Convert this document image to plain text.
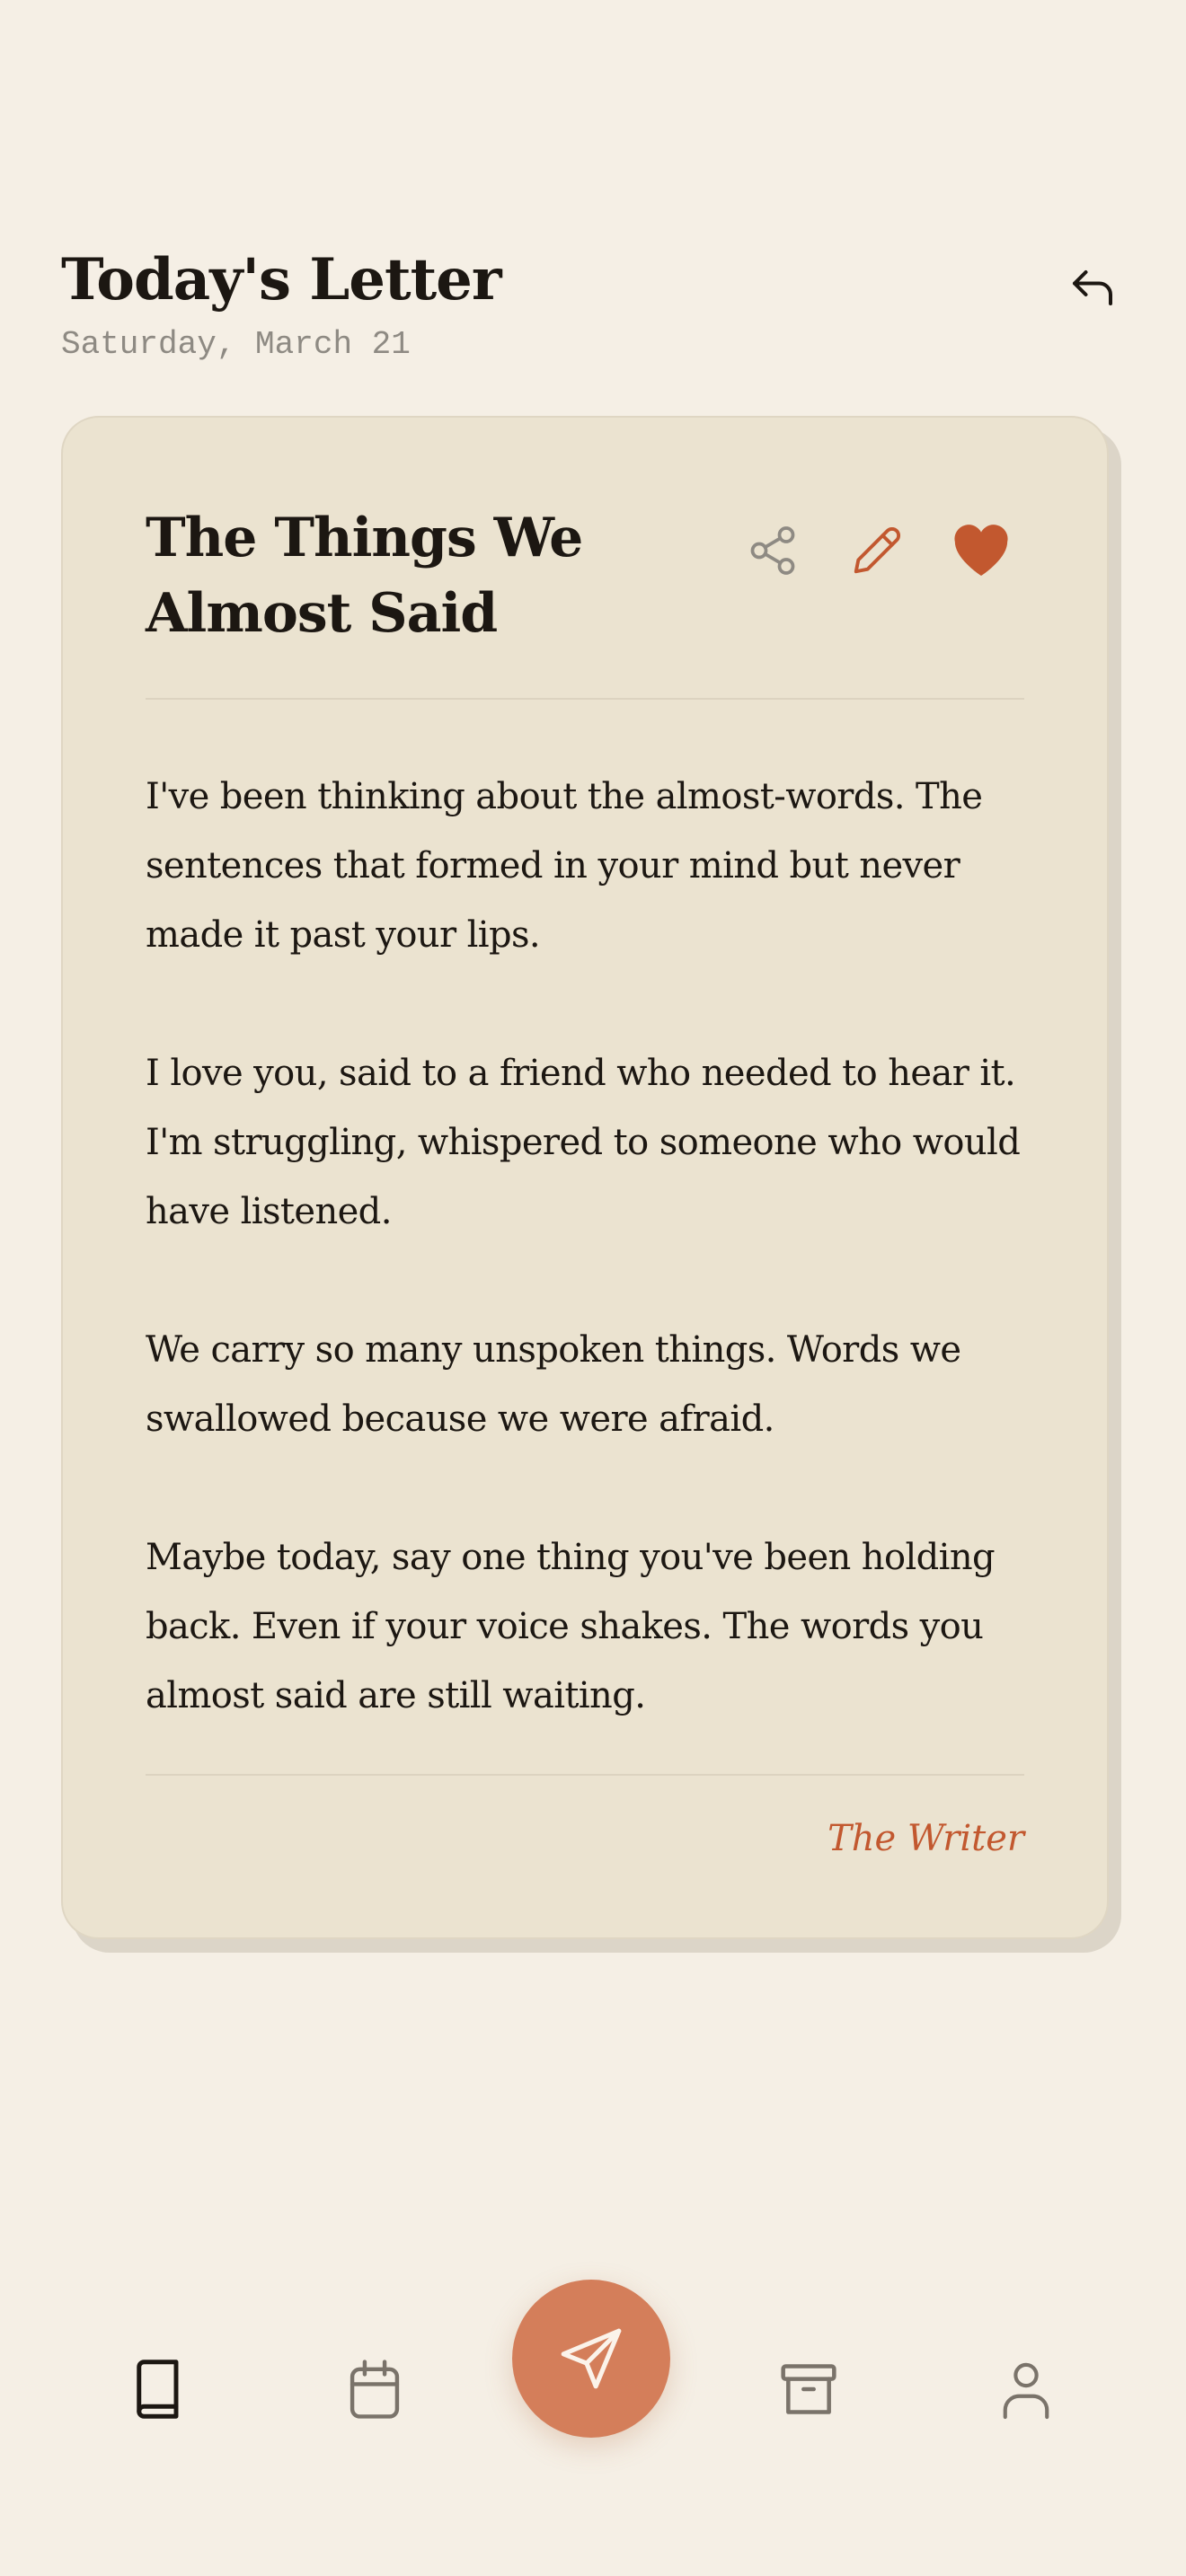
Today's Letter
Saturday, March 21
The Things We Almost Said

I've been thinking about the almost-words. The sentences that formed in your mind but never made it past your lips.

I love you, said to a friend who needed to hear it. I'm struggling, whispered to someone who would have listened.

We carry so many unspoken things. Words we swallowed because we were afraid.

Maybe today, say one thing you've been holding back. Even if your voice shakes. The words you almost said are still waiting.

The Writer
